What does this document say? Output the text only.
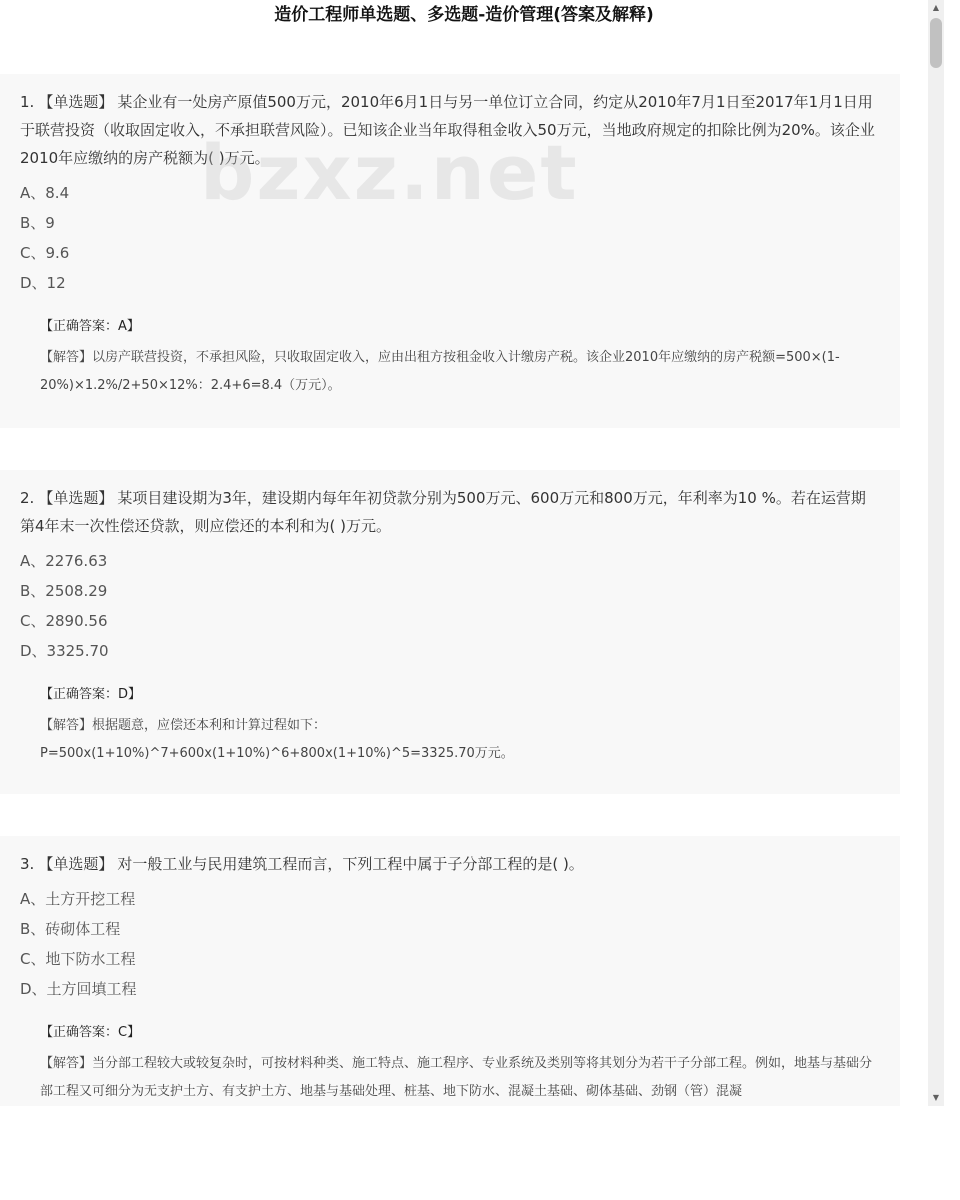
造价工程师单选题、多选题-造价管理(答案及解释)

1. 【单选题】 某企业有一处房产原值500万元，2010年6月1日与另一单位订立合同，约定从2010年7月1日至2017年1月1日用于联营投资（收取固定收入，不承担联营风险）。已知该企业当年取得租金收入50万元，当地政府规定的扣除比例为20%。该企业2010年应缴纳的房产税额为( )万元。

A、8.4

B、9

C、9.6

D、12

【正确答案：A】

【解答】以房产联营投资，不承担风险，只收取固定收入，应由出租方按租金收入计缴房产税。该企业2010年应缴纳的房产税额=500×(1-20%)×1.2%/2+50×12%：2.4+6=8.4（万元）。

2. 【单选题】 某项目建设期为3年，建设期内每年年初贷款分别为500万元、600万元和800万元，年利率为10 %。若在运营期第4年末一次性偿还贷款，则应偿还的本利和为( )万元。

A、2276.63

B、2508.29

C、2890.56

D、3325.70

【正确答案：D】

【解答】根据题意，应偿还本利和计算过程如下：
P=500x(1+10%)^7+600x(1+10%)^6+800x(1+10%)^5=3325.70万元。

3. 【单选题】 对一般工业与民用建筑工程而言，下列工程中属于子分部工程的是( )。

A、土方开挖工程

B、砖砌体工程

C、地下防水工程

D、土方回填工程

【正确答案：C】

【解答】当分部工程较大或较复杂时，可按材料种类、施工特点、施工程序、专业系统及类别等将其划分为若干子分部工程。例如，地基与基础分部工程又可细分为无支护土方、有支护土方、地基与基础处理、桩基、地下防水、混凝土基础、砌体基础、劲钢（管）混凝

bzxz.net
▲
▼
